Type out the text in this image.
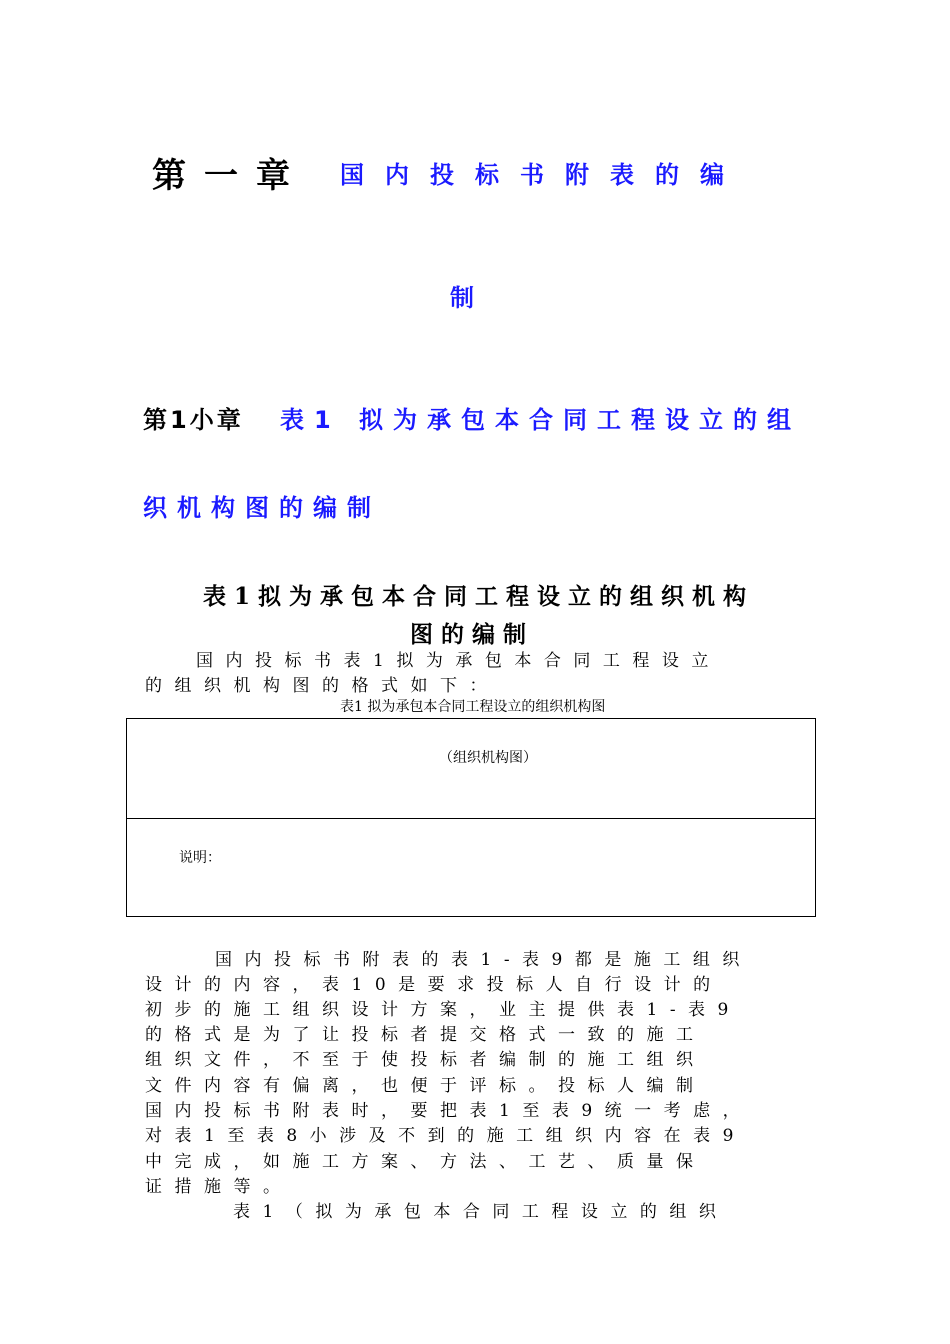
第一章 国内投标书附表的编
制
第1小章 表1 拟为承包本合同工程设立的组
织机构图的编制
表1拟为承包本合同工程设立的组织机构
图的编制
国内投标书表1拟为承包本合同工程设立
的组织机构图的格式如下：
表1 拟为承包本合同工程设立的组织机构图
（组织机构图）
说明：
国内投标书附表的表1-表9都是施工组织
设计的内容，表10是要求投标人自行设计的
初步的施工组织设计方案，业主提供表1-表9
的格式是为了让投标者提交格式一致的施工
组织文件，不至于使投标者编制的施工组织
文件内容有偏离，也便于评标。投标人编制
国内投标书附表时，要把表1至表9统一考虑，
对表1至表8小涉及不到的施工组织内容在表9
中完成，如施工方案、方法、工艺、质量保
证措施等。
表1（拟为承包本合同工程设立的组织
